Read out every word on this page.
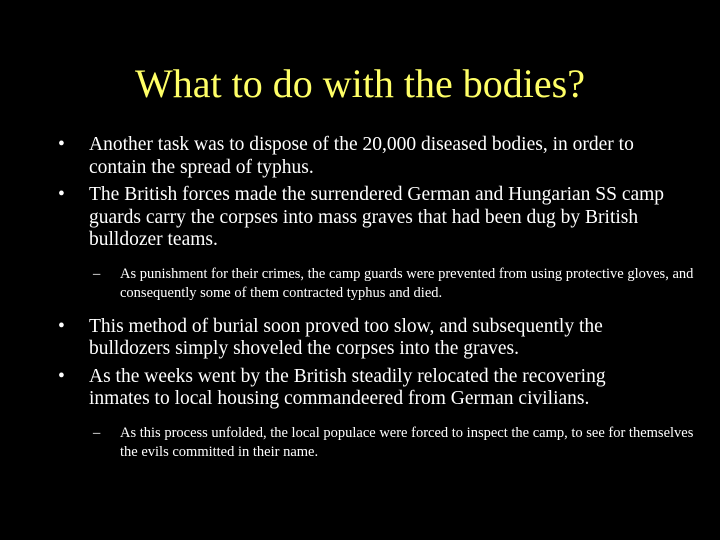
What to do with the bodies?
• Another task was to dispose of the 20,000 diseased bodies, in order to contain the spread of typhus.
• The British forces made the surrendered German and Hungarian SS camp guards carry the corpses into mass graves that had been dug by British bulldozer teams.
– As punishment for their crimes, the camp guards were prevented from using protective gloves, and consequently some of them contracted typhus and died.
• This method of burial soon proved too slow, and subsequently the bulldozers simply shoveled the corpses into the graves.
• As the weeks went by the British steadily relocated the recovering inmates to local housing commandeered from German civilians.
– As this process unfolded, the local populace were forced to inspect the camp, to see for themselves the evils committed in their name.
